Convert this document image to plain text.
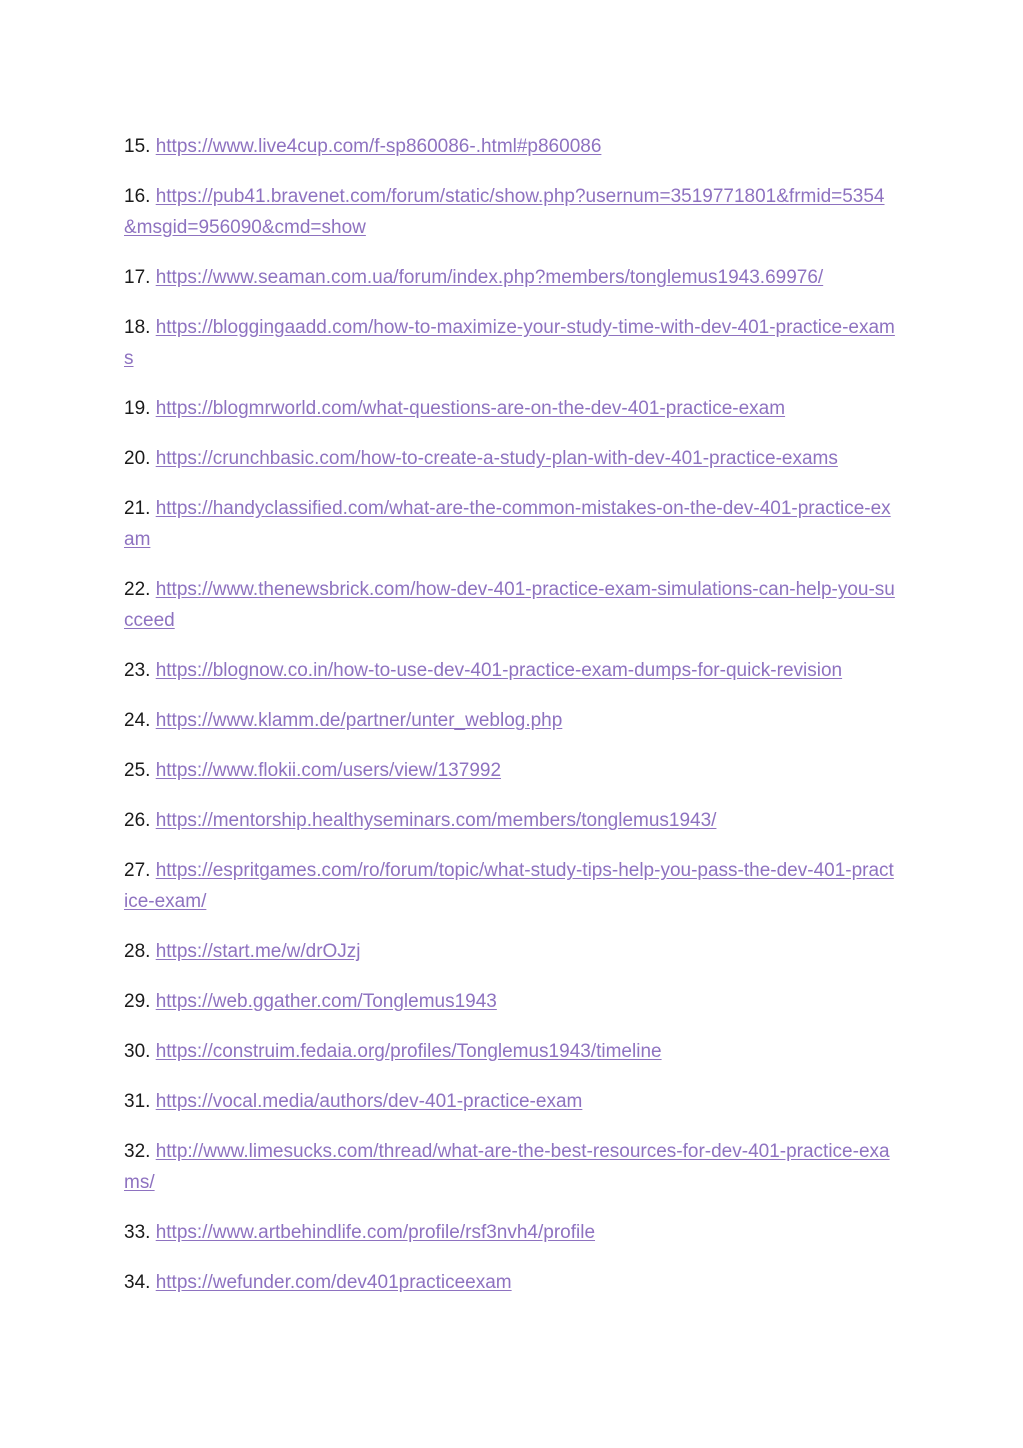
15. https://www.live4cup.com/f-sp860086-.html#p860086

16. https://pub41.bravenet.com/forum/static/show.php?usernum=3519771801&frmid=5354&msgid=956090&cmd=show

17. https://www.seaman.com.ua/forum/index.php?members/tonglemus1943.69976/

18. https://bloggingaadd.com/how-to-maximize-your-study-time-with-dev-401-practice-exams

19. https://blogmrworld.com/what-questions-are-on-the-dev-401-practice-exam

20. https://crunchbasic.com/how-to-create-a-study-plan-with-dev-401-practice-exams

21. https://handyclassified.com/what-are-the-common-mistakes-on-the-dev-401-practice-exam

22. https://www.thenewsbrick.com/how-dev-401-practice-exam-simulations-can-help-you-succeed

23. https://blognow.co.in/how-to-use-dev-401-practice-exam-dumps-for-quick-revision

24. https://www.klamm.de/partner/unter_weblog.php

25. https://www.flokii.com/users/view/137992

26. https://mentorship.healthyseminars.com/members/tonglemus1943/

27. https://espritgames.com/ro/forum/topic/what-study-tips-help-you-pass-the-dev-401-practice-exam/

28. https://start.me/w/drOJzj

29. https://web.ggather.com/Tonglemus1943

30. https://construim.fedaia.org/profiles/Tonglemus1943/timeline

31. https://vocal.media/authors/dev-401-practice-exam

32. http://www.limesucks.com/thread/what-are-the-best-resources-for-dev-401-practice-exams/

33. https://www.artbehindlife.com/profile/rsf3nvh4/profile

34. https://wefunder.com/dev401practiceexam
